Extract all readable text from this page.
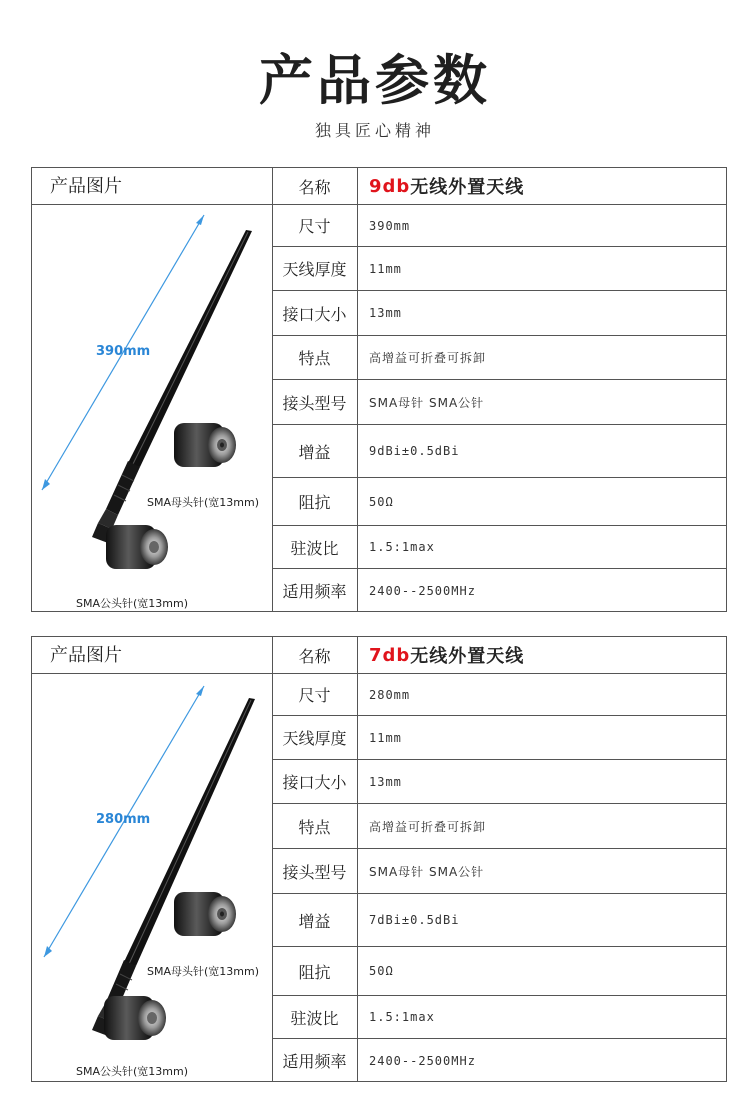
产品参数
独具匠心精神
产品图片
390mm
SMA母头针(宽13mm)
SMA公头针(宽13mm)
名称	9db 无线外置天线
尺寸	390mm
天线厚度	11mm
接口大小	13mm
特点	高增益可折叠可拆卸
接头型号	SMA母针 SMA公针
增益	9dBi±0.5dBi
阻抗	50Ω
驻波比	1.5:1max
适用频率	2400--2500MHz
产品图片
280mm
SMA母头针(宽13mm)
SMA公头针(宽13mm)
名称	7db 无线外置天线
尺寸	280mm
天线厚度	11mm
接口大小	13mm
特点	高增益可折叠可拆卸
接头型号	SMA母针 SMA公针
增益	7dBi±0.5dBi
阻抗	50Ω
驻波比	1.5:1max
适用频率	2400--2500MHz
